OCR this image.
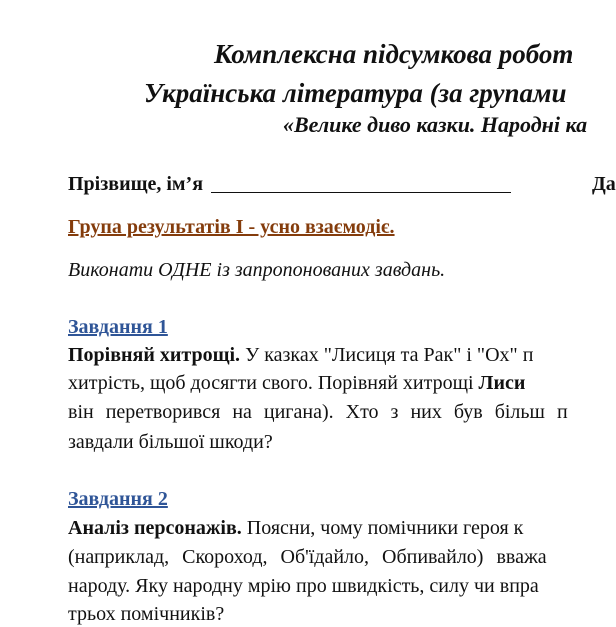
Комплексна підсумкова робот
Українська література (за групами
«Велике диво казки. Народні ка
Прізвище, ім’я	Да
Група результатів І - усно взаємодіє.
Виконати ОДНЕ із запропонованих завдань.
Завдання 1
Порівняй хитрощі. У казках "Лисиця та Рак" і "Ох" п
хитрість, щоб досягти свого. Порівняй хитрощі Лиси
він перетворився на цигана). Хто з них був більш п
завдали більшої шкоди?
Завдання 2
Аналіз персонажів. Поясни, чому помічники героя к
(наприклад, Скороход, Об'їдайло, Обпивайло) вважа
народу. Яку народну мрію про швидкість, силу чи впра
трьох помічників?
